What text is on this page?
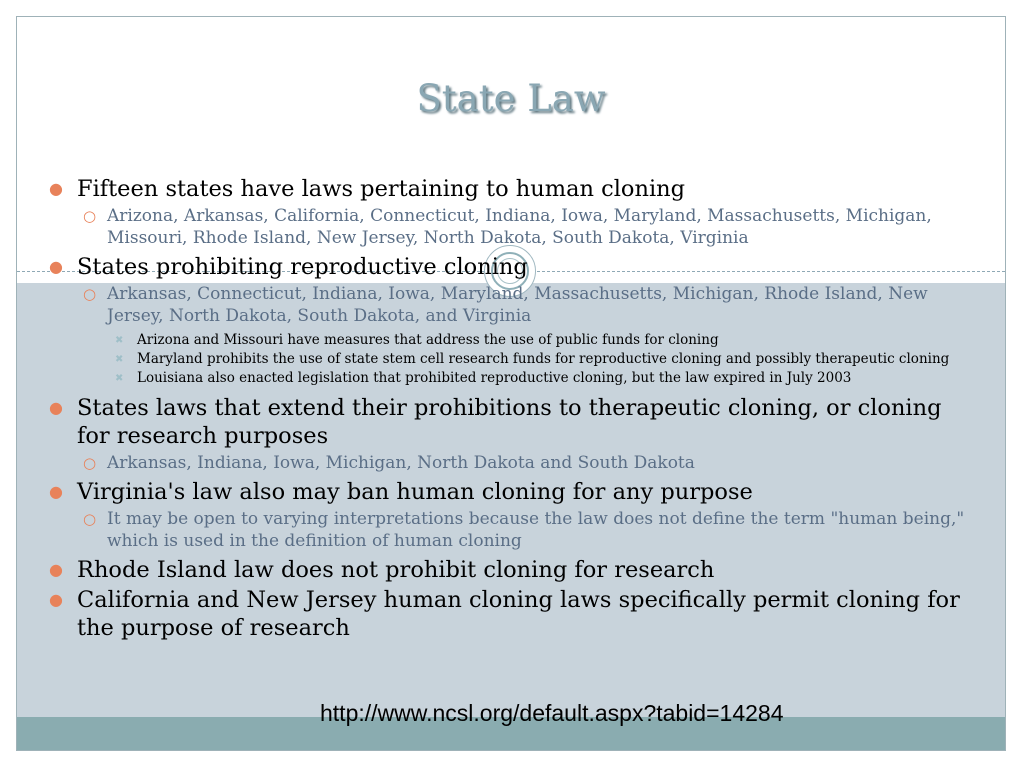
State Law
● Fifteen states have laws pertaining to human cloning
○ Arizona, Arkansas, California, Connecticut, Indiana, Iowa, Maryland, Massachusetts, Michigan, Missouri, Rhode Island, New Jersey, North Dakota, South Dakota, Virginia
● States prohibiting reproductive cloning
○ Arkansas, Connecticut, Indiana, Iowa, Maryland, Massachusetts, Michigan, Rhode Island, New Jersey, North Dakota, South Dakota, and Virginia
✖ Arizona and Missouri have measures that address the use of public funds for cloning
✖ Maryland prohibits the use of state stem cell research funds for reproductive cloning and possibly therapeutic cloning
✖ Louisiana also enacted legislation that prohibited reproductive cloning, but the law expired in July 2003
● States laws that extend their prohibitions to therapeutic cloning, or cloning for research purposes
○ Arkansas, Indiana, Iowa, Michigan, North Dakota and South Dakota
● Virginia's law also may ban human cloning for any purpose
○ It may be open to varying interpretations because the law does not define the term "human being," which is used in the definition of human cloning
● Rhode Island law does not prohibit cloning for research
● California and New Jersey human cloning laws specifically permit cloning for the purpose of research
http://www.ncsl.org/default.aspx?tabid=14284
